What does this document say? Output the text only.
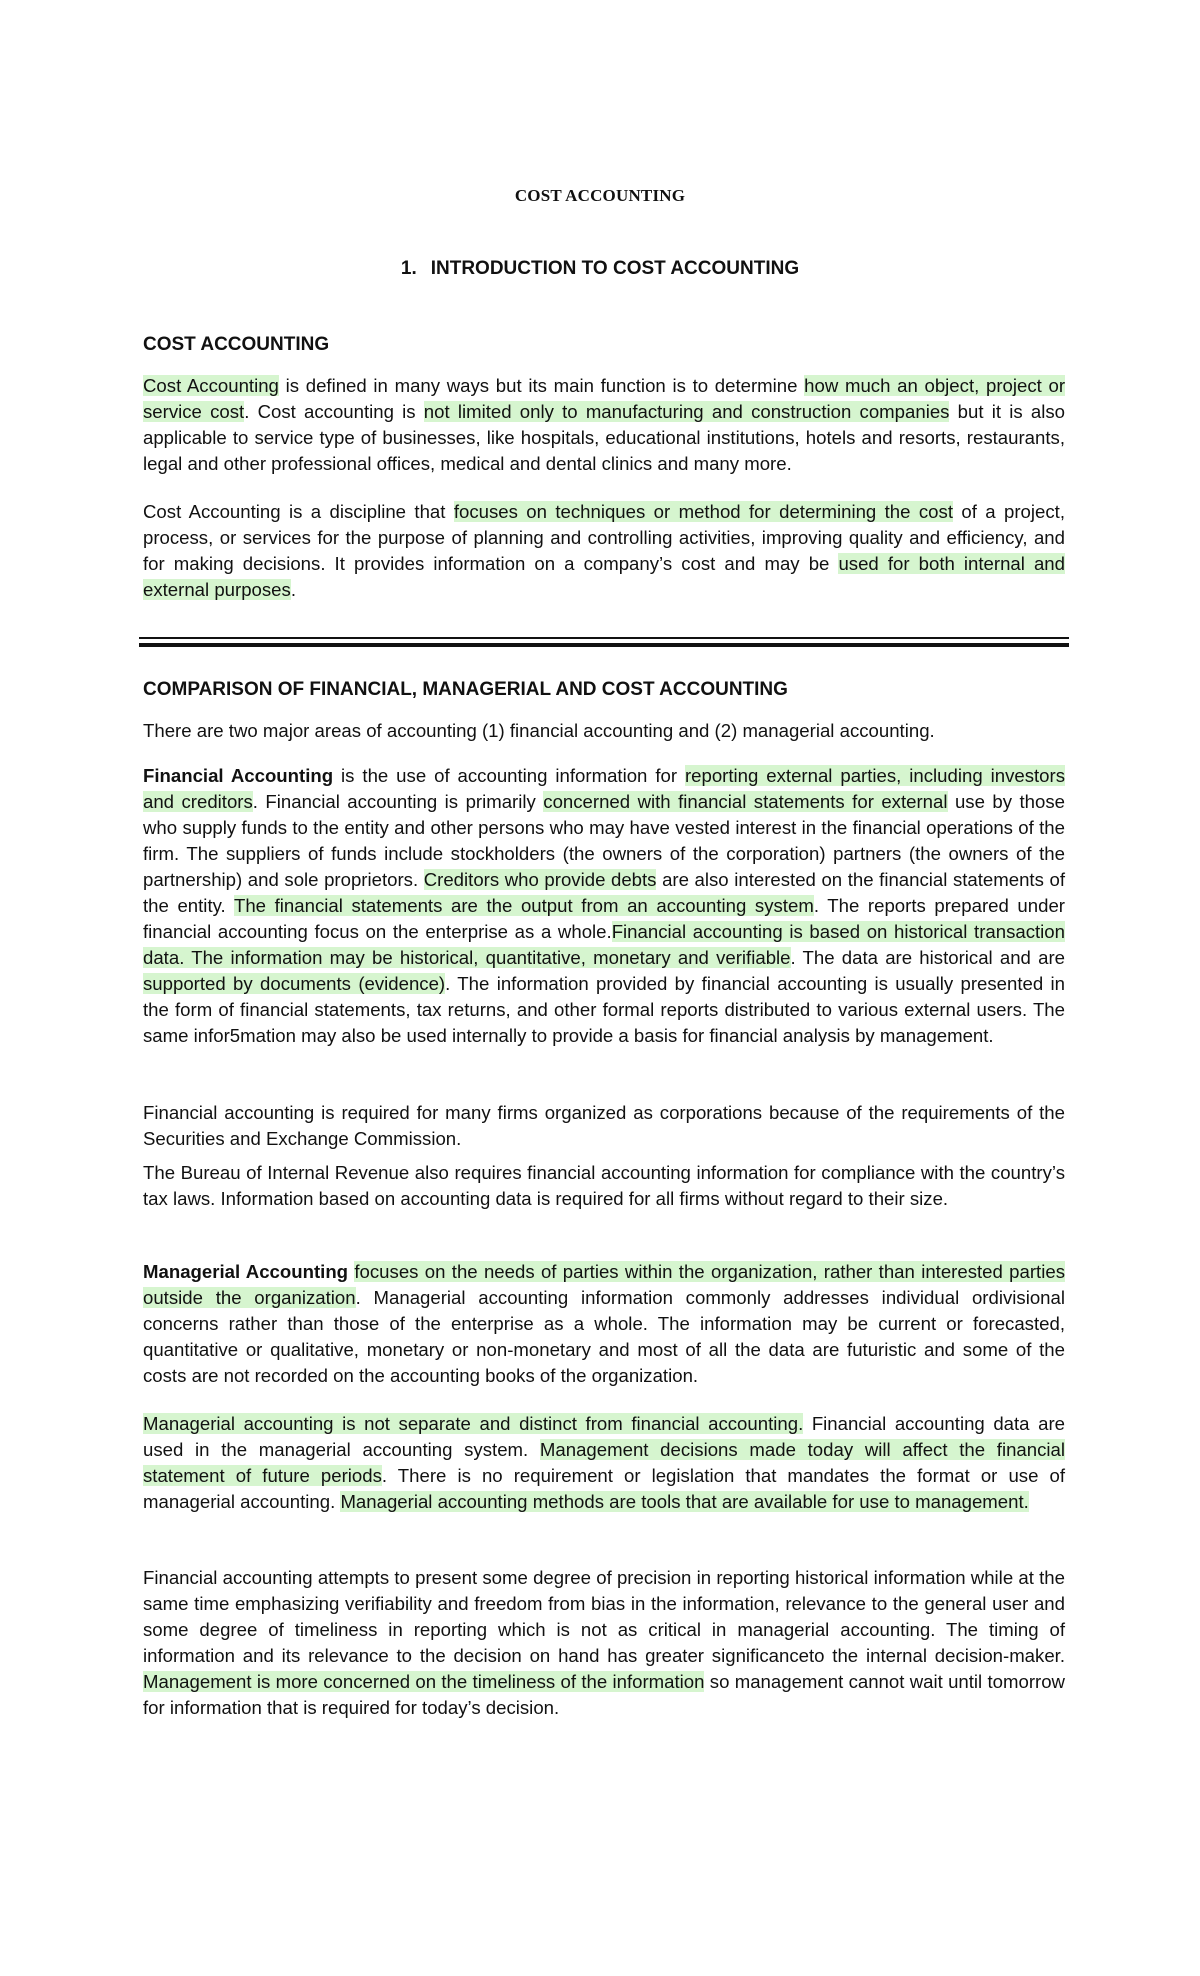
COST ACCOUNTING
1. INTRODUCTION TO COST ACCOUNTING
COST ACCOUNTING

Cost Accounting is defined in many ways but its main function is to determine how much an object, project or service cost. Cost accounting is not limited only to manufacturing and construction companies but it is also applicable to service type of businesses, like hospitals, educational institutions, hotels and resorts, restaurants, legal and other professional offices, medical and dental clinics and many more.

Cost Accounting is a discipline that focuses on techniques or method for determining the cost of a project, process, or services for the purpose of planning and controlling activities, improving quality and efficiency, and for making decisions. It provides information on a company’s cost and may be used for both internal and external purposes.

COMPARISON OF FINANCIAL, MANAGERIAL AND COST ACCOUNTING

There are two major areas of accounting (1) financial accounting and (2) managerial accounting.

Financial Accounting is the use of accounting information for reporting external parties, including investors and creditors. Financial accounting is primarily concerned with financial statements for external use by those who supply funds to the entity and other persons who may have vested interest in the financial operations of the firm. The suppliers of funds include stockholders (the owners of the corporation) partners (the owners of the partnership) and sole proprietors. Creditors who provide debts are also interested on the financial statements of the entity. The financial statements are the output from an accounting system. The reports prepared under financial accounting focus on the enterprise as a whole.Financial accounting is based on historical transaction data. The information may be historical, quantitative, monetary and verifiable. The data are historical and are supported by documents (evidence). The information provided by financial accounting is usually presented in the form of financial statements, tax returns, and other formal reports distributed to various external users. The same infor5mation may also be used internally to provide a basis for financial analysis by management.

Financial accounting is required for many firms organized as corporations because of the requirements of the Securities and Exchange Commission.

The Bureau of Internal Revenue also requires financial accounting information for compliance with the country’s tax laws. Information based on accounting data is required for all firms without regard to their size.

Managerial Accounting focuses on the needs of parties within the organization, rather than interested parties outside the organization. Managerial accounting information commonly addresses individual ordivisional concerns rather than those of the enterprise as a whole. The information may be current or forecasted, quantitative or qualitative, monetary or non-monetary and most of all the data are futuristic and some of the costs are not recorded on the accounting books of the organization.

Managerial accounting is not separate and distinct from financial accounting. Financial accounting data are used in the managerial accounting system. Management decisions made today will affect the financial statement of future periods. There is no requirement or legislation that mandates the format or use of managerial accounting. Managerial accounting methods are tools that are available for use to management.

Financial accounting attempts to present some degree of precision in reporting historical information while at the same time emphasizing verifiability and freedom from bias in the information, relevance to the general user and some degree of timeliness in reporting which is not as critical in managerial accounting. The timing of information and its relevance to the decision on hand has greater significanceto the internal decision-maker. Management is more concerned on the timeliness of the information so management cannot wait until tomorrow for information that is required for today’s decision.
